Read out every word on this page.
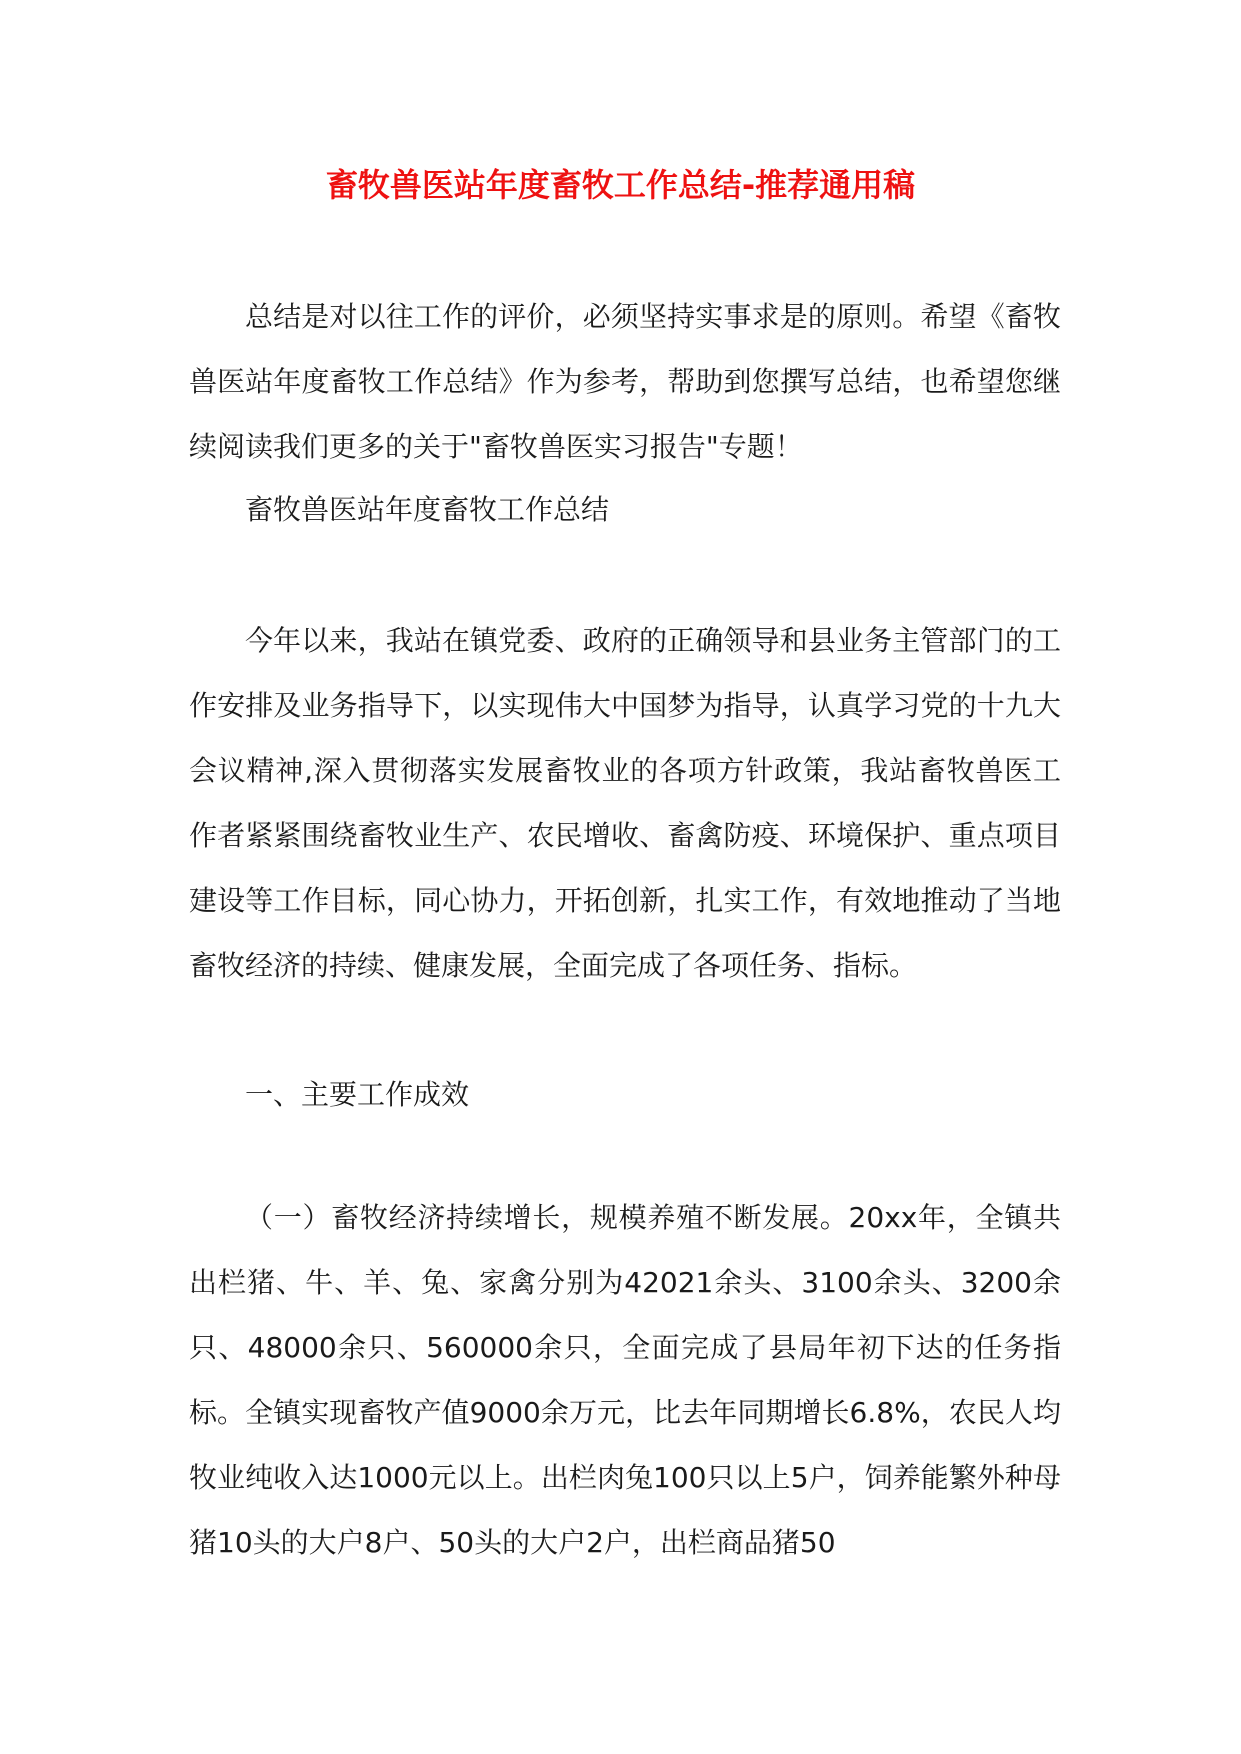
畜牧兽医站年度畜牧工作总结-推荐通用稿

总结是对以往工作的评价，必须坚持实事求是的原则。希望《畜牧兽医站年度畜牧工作总结》作为参考，帮助到您撰写总结，也希望您继续阅读我们更多的关于"畜牧兽医实习报告"专题！

畜牧兽医站年度畜牧工作总结

今年以来，我站在镇党委、政府的正确领导和县业务主管部门的工作安排及业务指导下，以实现伟大中国梦为指导，认真学习党的十九大会议精神,深入贯彻落实发展畜牧业的各项方针政策，我站畜牧兽医工作者紧紧围绕畜牧业生产、农民增收、畜禽防疫、环境保护、重点项目建设等工作目标，同心协力，开拓创新，扎实工作，有效地推动了当地畜牧经济的持续、健康发展，全面完成了各项任务、指标。

一、主要工作成效

（一）畜牧经济持续增长，规模养殖不断发展。20xx年，全镇共出栏猪、牛、羊、兔、家禽分别为42021余头、3100余头、3200余只、48000余只、560000余只，全面完成了县局年初下达的任务指标。全镇实现畜牧产值9000余万元，比去年同期增长6.8%，农民人均牧业纯收入达1000元以上。出栏肉兔100只以上5户，饲养能繁外种母猪10头的大户8户、50头的大户2户，出栏商品猪50
